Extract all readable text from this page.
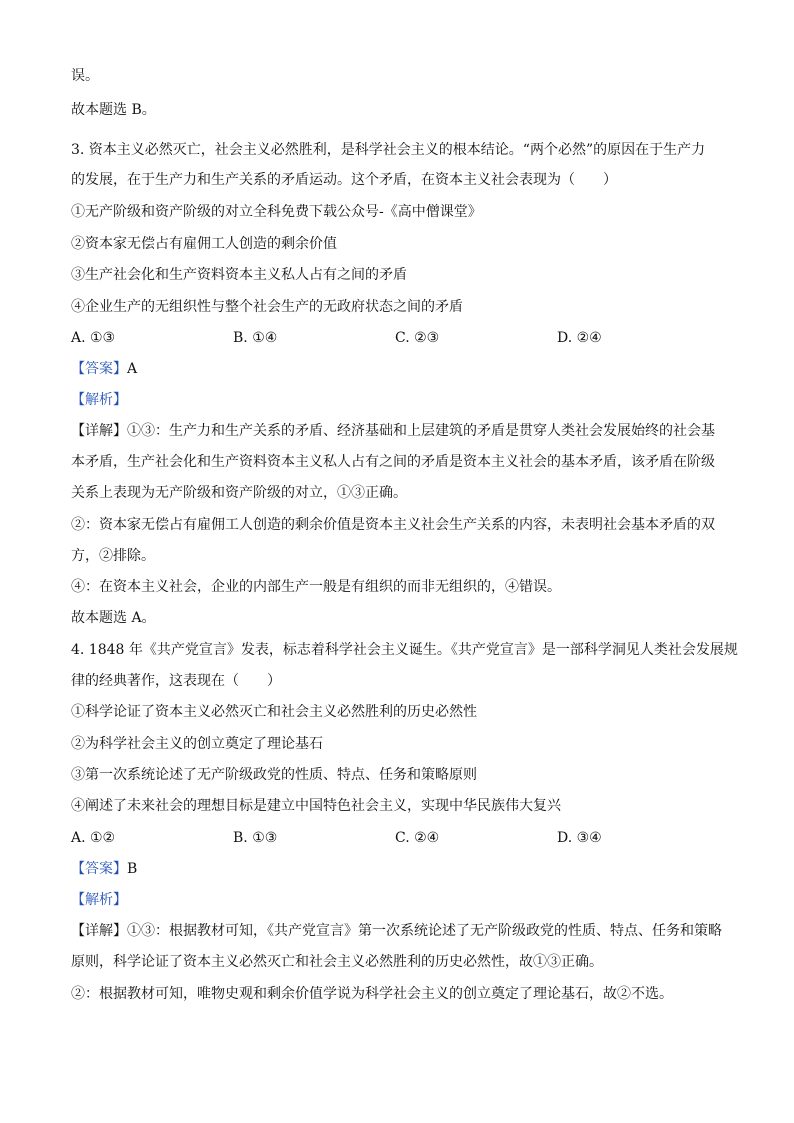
误。
故本题选 B。
3. 资本主义必然灭亡，社会主义必然胜利，是科学社会主义的根本结论。“两个必然”的原因在于生产力
的发展，在于生产力和生产关系的矛盾运动。这个矛盾，在资本主义社会表现为（　　）
①无产阶级和资产阶级的对立全科免费下载公众号-《高中僧课堂》
②资本家无偿占有雇佣工人创造的剩余价值
③生产社会化和生产资料资本主义私人占有之间的矛盾
④企业生产的无组织性与整个社会生产的无政府状态之间的矛盾
A. ①③	B. ①④	C. ②③	D. ②④
【答案】A
【解析】
【详解】①③：生产力和生产关系的矛盾、经济基础和上层建筑的矛盾是贯穿人类社会发展始终的社会基
本矛盾，生产社会化和生产资料资本主义私人占有之间的矛盾是资本主义社会的基本矛盾，该矛盾在阶级
关系上表现为无产阶级和资产阶级的对立，①③正确。
②：资本家无偿占有雇佣工人创造的剩余价值是资本主义社会生产关系的内容，未表明社会基本矛盾的双
方，②排除。
④：在资本主义社会，企业的内部生产一般是有组织的而非无组织的，④错误。
故本题选 A。
4. 1848 年《共产党宣言》发表，标志着科学社会主义诞生。《共产党宣言》是一部科学洞见人类社会发展规
律的经典著作，这表现在（　　）
①科学论证了资本主义必然灭亡和社会主义必然胜利的历史必然性
②为科学社会主义的创立奠定了理论基石
③第一次系统论述了无产阶级政党的性质、特点、任务和策略原则
④阐述了未来社会的理想目标是建立中国特色社会主义，实现中华民族伟大复兴
A. ①②	B. ①③	C. ②④	D. ③④
【答案】B
【解析】
【详解】①③：根据教材可知，《共产党宣言》第一次系统论述了无产阶级政党的性质、特点、任务和策略
原则，科学论证了资本主义必然灭亡和社会主义必然胜利的历史必然性，故①③正确。
②：根据教材可知，唯物史观和剩余价值学说为科学社会主义的创立奠定了理论基石，故②不选。
